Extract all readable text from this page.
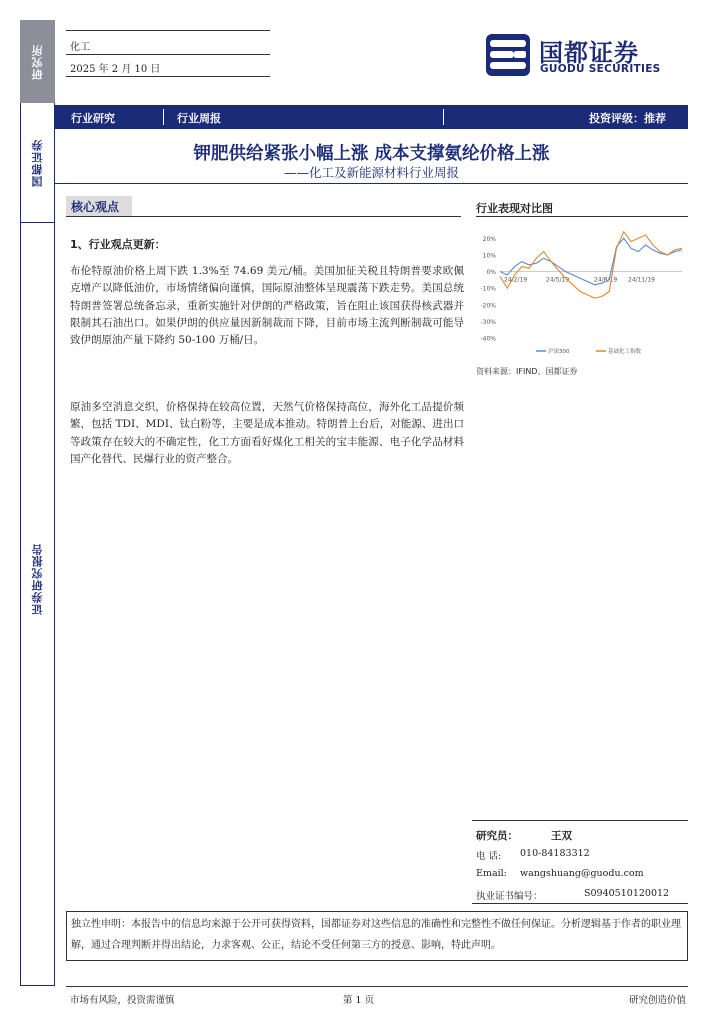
研究所
国都证券
证券研究报告
化工
2025 年 2 月 10 日
国都证券
GUODU SECURITIES
行业研究	行业周报	投资评级：推荐
钾肥供给紧张小幅上涨 成本支撑氨纶价格上涨
——化工及新能源材料行业周报
核心观点
1、行业观点更新：
布伦特原油价格上周下跌 1.3%至 74.69 美元/桶。美国加征关税且特朗普要求欧佩克增产以降低油价，市场情绪偏向谨慎，国际原油整体呈现震荡下跌走势。美国总统特朗普签署总统备忘录，重新实施针对伊朗的严格政策，旨在阻止该国获得核武器并限制其石油出口。如果伊朗的供应量因新制裁而下降，目前市场主流判断制裁可能导致伊朗原油产量下降约 50-100 万桶/日。
原油多空消息交织，价格保持在较高位置，天然气价格保持高位，海外化工品提价频繁，包括 TDI、MDI、钛白粉等，主要是成本推动。特朗普上台后，对能源、进出口等政策存在较大的不确定性，化工方面看好煤化工相关的宝丰能源、电子化学品材料国产化替代、民爆行业的资产整合。
行业表现对比图
20%
10%
0%
-10%
-20%
-30%
-40%
24/2/19	24/5/19	24/8/19 24/11/19
沪深300	基础化工指数
资料来源：IFIND、国都证券
研究员：	王双
电 话: 010-84183312
Email: wangshuang@guodu.com
执业证书编号：	S0940510120012
独立性申明：本报告中的信息均来源于公开可获得资料，国都证券对这些信息的准确性和完整性不做任何保证。分析逻辑基于作者的职业理解，通过合理判断并得出结论，力求客观、公正，结论不受任何第三方的授意、影响，特此声明。
市场有风险，投资需谨慎	第 1 页	研究创造价值
